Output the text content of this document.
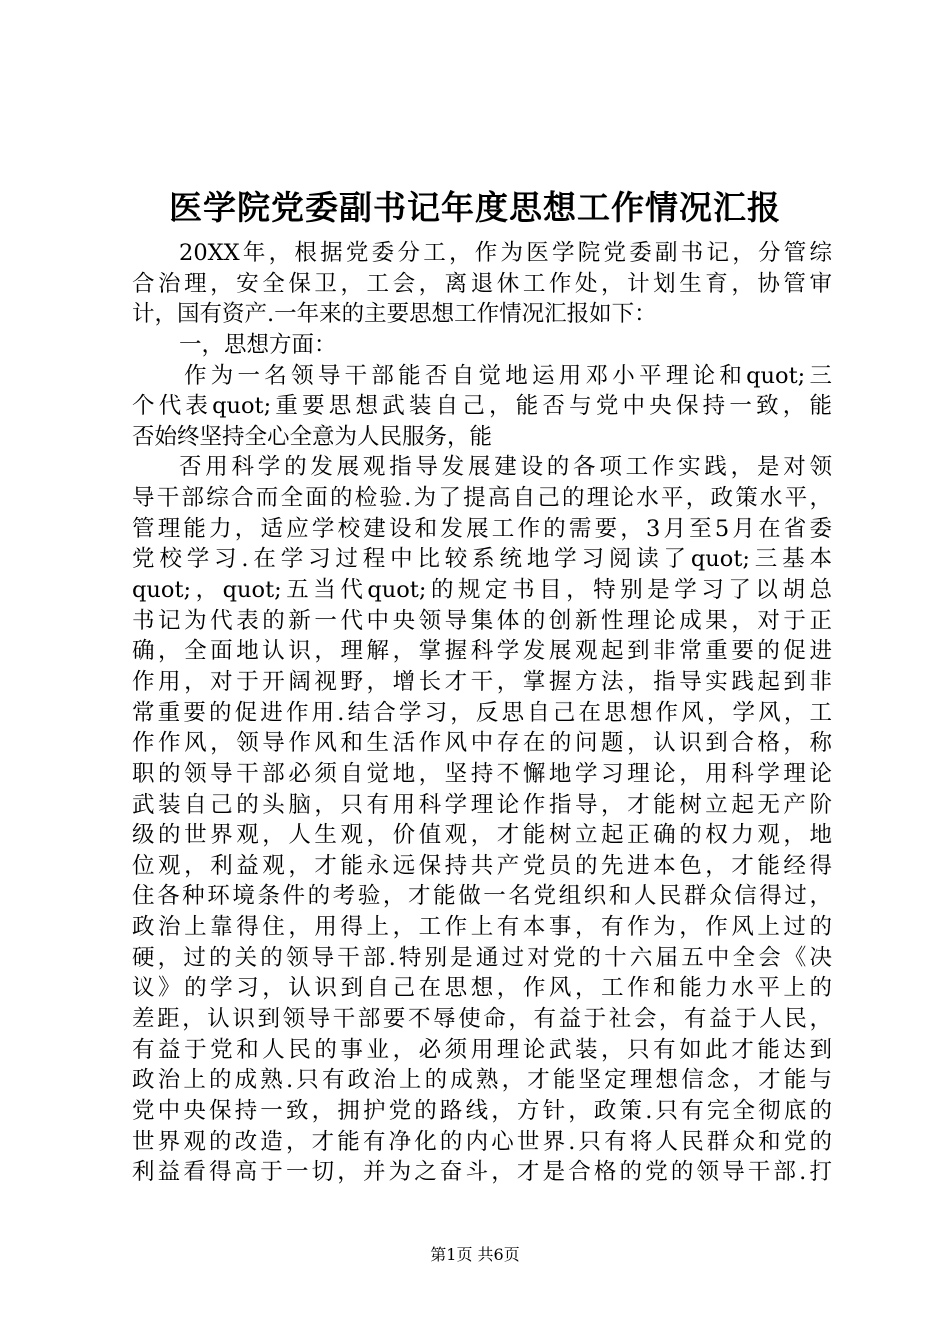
医学院党委副书记年度思想工作情况汇报
20XX年，根据党委分工，作为医学院党委副书记，分管综
合治理，安全保卫，工会，离退休工作处，计划生育，协管审
计，国有资产.一年来的主要思想工作情况汇报如下：
一，思想方面：
作为一名领导干部能否自觉地运用邓小平理论和quot;三
个代表quot;重要思想武装自己，能否与党中央保持一致，能
否始终坚持全心全意为人民服务，能
否用科学的发展观指导发展建设的各项工作实践，是对领
导干部综合而全面的检验.为了提高自己的理论水平，政策水平，
管理能力，适应学校建设和发展工作的需要，3月至5月在省委
党校学习.在学习过程中比较系统地学习阅读了quot;三基本
quot;，quot;五当代quot;的规定书目，特别是学习了以胡总
书记为代表的新一代中央领导集体的创新性理论成果，对于正
确，全面地认识，理解，掌握科学发展观起到非常重要的促进
作用，对于开阔视野，增长才干，掌握方法，指导实践起到非
常重要的促进作用.结合学习，反思自己在思想作风，学风，工
作作风，领导作风和生活作风中存在的问题，认识到合格，称
职的领导干部必须自觉地，坚持不懈地学习理论，用科学理论
武装自己的头脑，只有用科学理论作指导，才能树立起无产阶
级的世界观，人生观，价值观，才能树立起正确的权力观，地
位观，利益观，才能永远保持共产党员的先进本色，才能经得
住各种环境条件的考验，才能做一名党组织和人民群众信得过，
政治上靠得住，用得上，工作上有本事，有作为，作风上过的
硬，过的关的领导干部.特别是通过对党的十六届五中全会《决
议》的学习，认识到自己在思想，作风，工作和能力水平上的
差距，认识到领导干部要不辱使命，有益于社会，有益于人民，
有益于党和人民的事业，必须用理论武装，只有如此才能达到
政治上的成熟.只有政治上的成熟，才能坚定理想信念，才能与
党中央保持一致，拥护党的路线，方针，政策.只有完全彻底的
世界观的改造，才能有净化的内心世界.只有将人民群众和党的
利益看得高于一切，并为之奋斗，才是合格的党的领导干部.打
第1页 共6页
